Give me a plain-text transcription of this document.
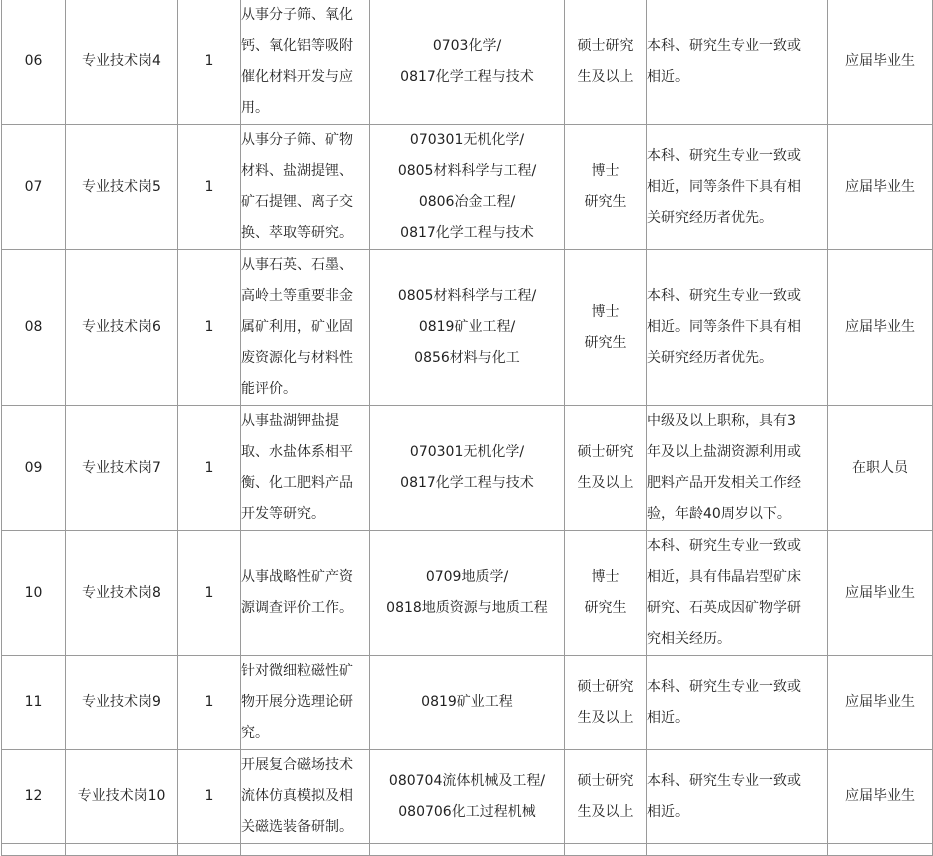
06	专业技术岗4	1	从事分子筛、氧化
钙、氧化铝等吸附
催化材料开发与应
用。	0703化学/
0817化学工程与技术	硕士研究
生及以上	本科、研究生专业一致或
相近。	应届毕业生
07	专业技术岗5	1	从事分子筛、矿物
材料、盐湖提锂、
矿石提锂、离子交
换、萃取等研究。	070301无机化学/
0805材料科学与工程/
0806冶金工程/
0817化学工程与技术	博士
研究生	本科、研究生专业一致或
相近，同等条件下具有相
关研究经历者优先。	应届毕业生
08	专业技术岗6	1	从事石英、石墨、
高岭土等重要非金
属矿利用，矿业固
废资源化与材料性
能评价。	0805材料科学与工程/
0819矿业工程/
0856材料与化工	博士
研究生	本科、研究生专业一致或
相近。同等条件下具有相
关研究经历者优先。	应届毕业生
09	专业技术岗7	1	从事盐湖钾盐提
取、水盐体系相平
衡、化工肥料产品
开发等研究。	070301无机化学/
0817化学工程与技术	硕士研究
生及以上	中级及以上职称，具有3
年及以上盐湖资源利用或
肥料产品开发相关工作经
验，年龄40周岁以下。	在职人员
10	专业技术岗8	1	从事战略性矿产资
源调查评价工作。	0709地质学/
0818地质资源与地质工程	博士
研究生	本科、研究生专业一致或
相近，具有伟晶岩型矿床
研究、石英成因矿物学研
究相关经历。	应届毕业生
11	专业技术岗9	1	针对微细粒磁性矿
物开展分选理论研
究。	0819矿业工程	硕士研究
生及以上	本科、研究生专业一致或
相近。	应届毕业生
12	专业技术岗10	1	开展复合磁场技术
流体仿真模拟及相
关磁选装备研制。	080704流体机械及工程/
080706化工过程机械	硕士研究
生及以上	本科、研究生专业一致或
相近。	应届毕业生
